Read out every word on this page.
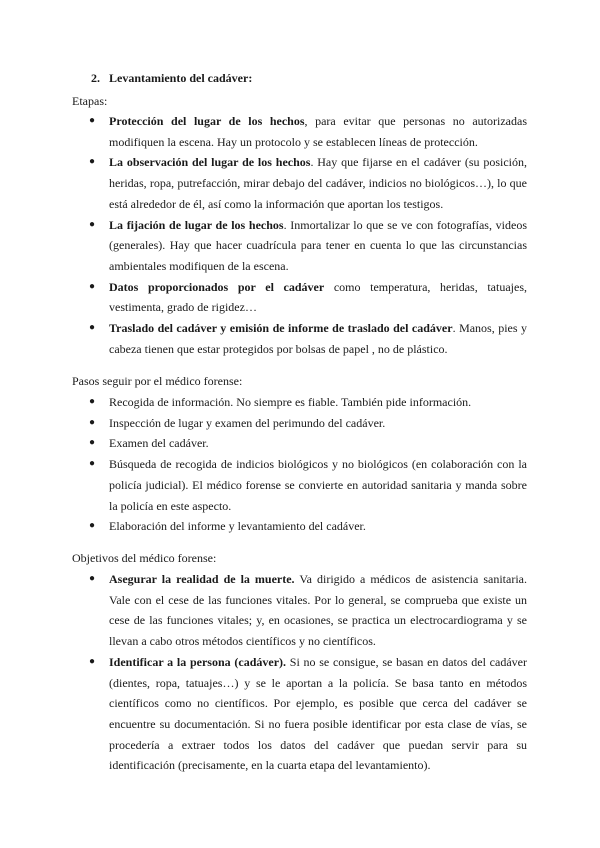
2. Levantamiento del cadáver:
Etapas:
● Protección del lugar de los hechos, para evitar que personas no autorizadas modifiquen la escena. Hay un protocolo y se establecen líneas de protección.
● La observación del lugar de los hechos. Hay que fijarse en el cadáver (su posición, heridas, ropa, putrefacción, mirar debajo del cadáver, indicios no biológicos…), lo que está alrededor de él, así como la información que aportan los testigos.
● La fijación de lugar de los hechos. Inmortalizar lo que se ve con fotografías, videos (generales). Hay que hacer cuadrícula para tener en cuenta lo que las circunstancias ambientales modifiquen de la escena.
● Datos proporcionados por el cadáver como temperatura, heridas, tatuajes, vestimenta, grado de rigidez…
● Traslado del cadáver y emisión de informe de traslado del cadáver. Manos, pies y cabeza tienen que estar protegidos por bolsas de papel , no de plástico.
Pasos seguir por el médico forense:
● Recogida de información. No siempre es fiable. También pide información.
● Inspección de lugar y examen del perimundo del cadáver.
● Examen del cadáver.
● Búsqueda de recogida de indicios biológicos y no biológicos (en colaboración con la policía judicial). El médico forense se convierte en autoridad sanitaria y manda sobre la policía en este aspecto.
● Elaboración del informe y levantamiento del cadáver.
Objetivos del médico forense:
● Asegurar la realidad de la muerte. Va dirigido a médicos de asistencia sanitaria. Vale con el cese de las funciones vitales. Por lo general, se comprueba que existe un cese de las funciones vitales; y, en ocasiones, se practica un electrocardiograma y se llevan a cabo otros métodos científicos y no científicos.
● Identificar a la persona (cadáver). Si no se consigue, se basan en datos del cadáver (dientes, ropa, tatuajes…) y se le aportan a la policía. Se basa tanto en métodos científicos como no científicos. Por ejemplo, es posible que cerca del cadáver se encuentre su documentación. Si no fuera posible identificar por esta clase de vías, se procedería a extraer todos los datos del cadáver que puedan servir para su identificación (precisamente, en la cuarta etapa del levantamiento).
